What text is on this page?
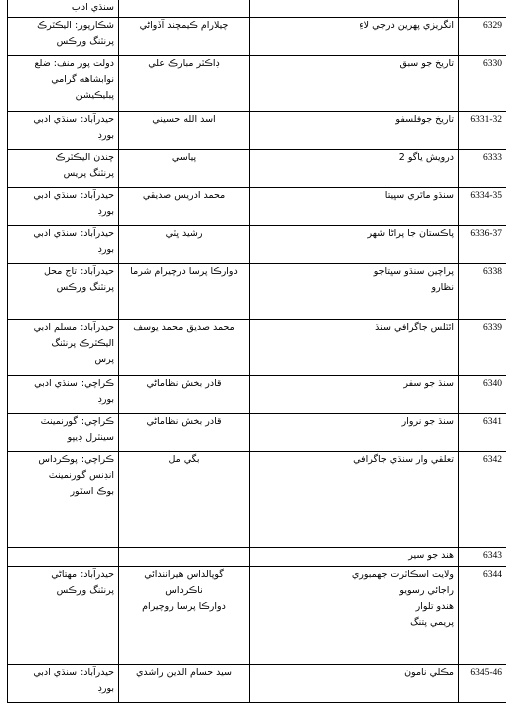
سنڌي ادب			

شڪارپور: اليڪٽرڪ
پرنٽنگ ورڪس	چيلارام ڪيمچند آڏواڻي	انگريزي پهرين درجي لاءِ	6329

دولت پور منف: ضلع
نوابشاهه گرامي
پبليڪيشن	ڊاڪٽر مبارڪ علي	تاريخ جو سبق	6330

حيدرآباد: سنڌي ادبي
بورڊ	اسد الله حسيني	تاريخ جوفلسفو	6331-32

چندن اليڪٽرڪ
پرنٽنگ پريس	پياسي	درويش ياگو 2	6333

حيدرآباد: سنڌي ادبي
بورڊ	محمد ادريس صديقي	سنڌو ماٿري سڀيتا	6334-35

حيدرآباد: سنڌي ادبي
بورڊ	رشيد ڀٽي	پاڪستان جا پراڻا شهر	6336-37

حيدرآباد: تاج محل
پرنٽنگ ورڪس	دوارڪا پرسا درچيرام شرما	پراچين سنڌو سڀتاجو
نظارو	6338

حيدرآباد: مسلم ادبي
اليڪٽرڪ پرنٽنگ
پرس	محمد صديق محمد يوسف	ائٽلس جاگرافي سنڌ	6339

ڪراچي: سنڌي ادبي
بورڊ	قادر بخش نظاماڻي	سنڌ جو سفر	6340

ڪراچي: گورنمينٽ
سينٽرل ڊيپو	قادر بخش نظاماڻي	سنڌ جو نروار	6341

ڪراچي: پوڪرداس
انڊنس گورنمينٽ
بوڪ اسٽور	بگي مل	تعلقي وار سنڌي جاگرافي	6342

		هند جو سير	6343

حيدرآباد: مهتاڻي
پرنٽنگ ورڪس	گوپالداس هيرانندائي
ناڪرداس
دوارڪا پرسا روچيرام	ولايت اسڪاٽرت جهمبوري
راجائي رسويو
هندو تلوار
پريمي پتنگ	6344

حيدرآباد: سنڌي ادبي
بورڊ	سيد حسام الدين راشدي	مڪلي نامون	6345-46
